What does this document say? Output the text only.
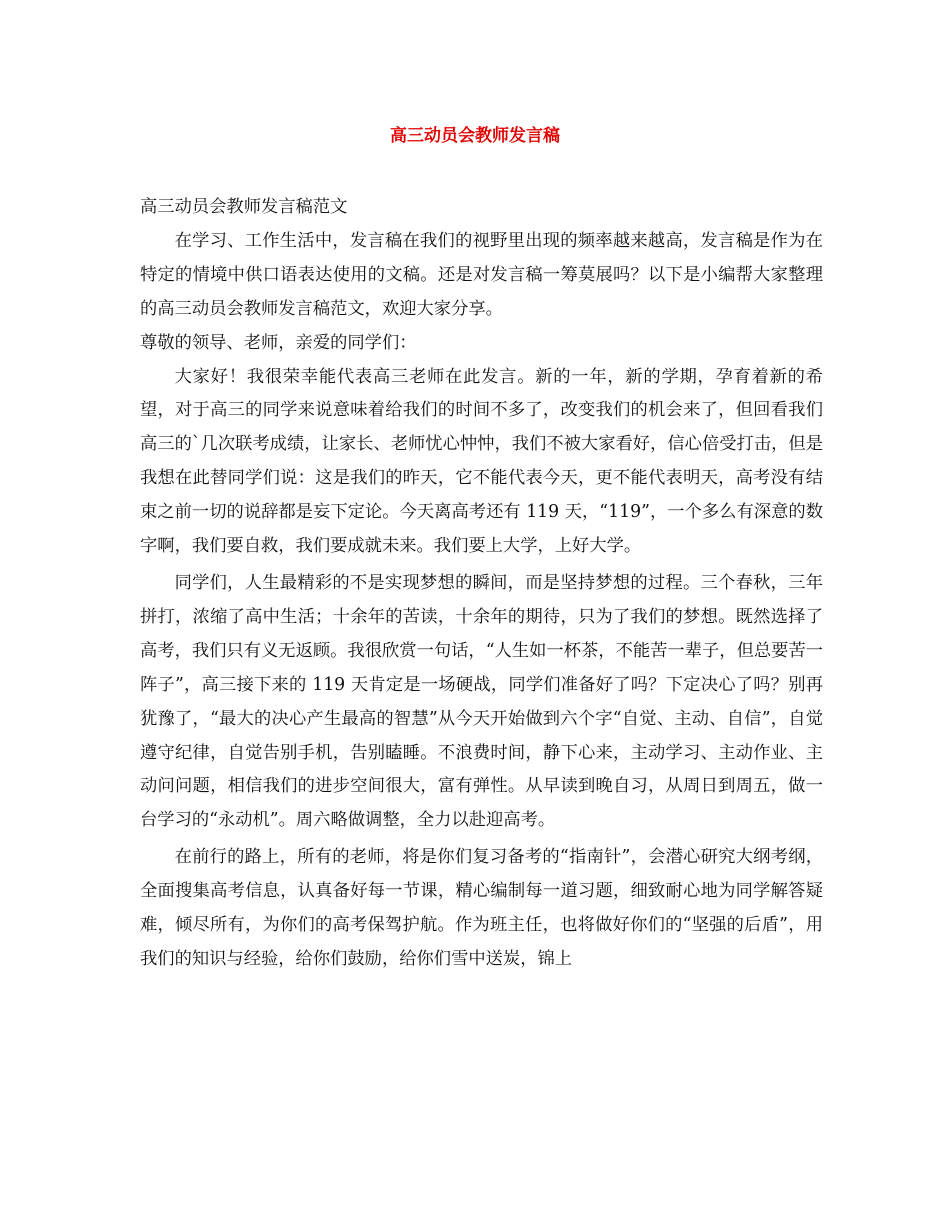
高三动员会教师发言稿

高三动员会教师发言稿范文

在学习、工作生活中，发言稿在我们的视野里出现的频率越来越高，发言稿是作为在特定的情境中供口语表达使用的文稿。还是对发言稿一筹莫展吗？以下是小编帮大家整理的高三动员会教师发言稿范文，欢迎大家分享。

尊敬的领导、老师，亲爱的同学们：

大家好！我很荣幸能代表高三老师在此发言。新的一年，新的学期，孕育着新的希望，对于高三的同学来说意味着给我们的时间不多了，改变我们的机会来了，但回看我们高三的`几次联考成绩，让家长、老师忧心忡忡，我们不被大家看好，信心倍受打击，但是我想在此替同学们说：这是我们的昨天，它不能代表今天，更不能代表明天，高考没有结束之前一切的说辞都是妄下定论。今天离高考还有 119 天，“119”，一个多么有深意的数字啊，我们要自救，我们要成就未来。我们要上大学，上好大学。

同学们，人生最精彩的不是实现梦想的瞬间，而是坚持梦想的过程。三个春秋，三年拼打，浓缩了高中生活；十余年的苦读，十余年的期待，只为了我们的梦想。既然选择了高考，我们只有义无返顾。我很欣赏一句话，“人生如一杯茶，不能苦一辈子，但总要苦一阵子”，高三接下来的 119 天肯定是一场硬战，同学们准备好了吗？下定决心了吗？别再犹豫了，“最大的决心产生最高的智慧”从今天开始做到六个字“自觉、主动、自信”，自觉遵守纪律，自觉告别手机，告别瞌睡。不浪费时间，静下心来，主动学习、主动作业、主动问问题，相信我们的进步空间很大，富有弹性。从早读到晚自习，从周日到周五，做一台学习的“永动机”。周六略做调整，全力以赴迎高考。

在前行的路上，所有的老师，将是你们复习备考的“指南针”，会潜心研究大纲考纲，全面搜集高考信息，认真备好每一节课，精心编制每一道习题，细致耐心地为同学解答疑难，倾尽所有，为你们的高考保驾护航。作为班主任，也将做好你们的“坚强的后盾”，用我们的知识与经验，给你们鼓励，给你们雪中送炭，锦上
